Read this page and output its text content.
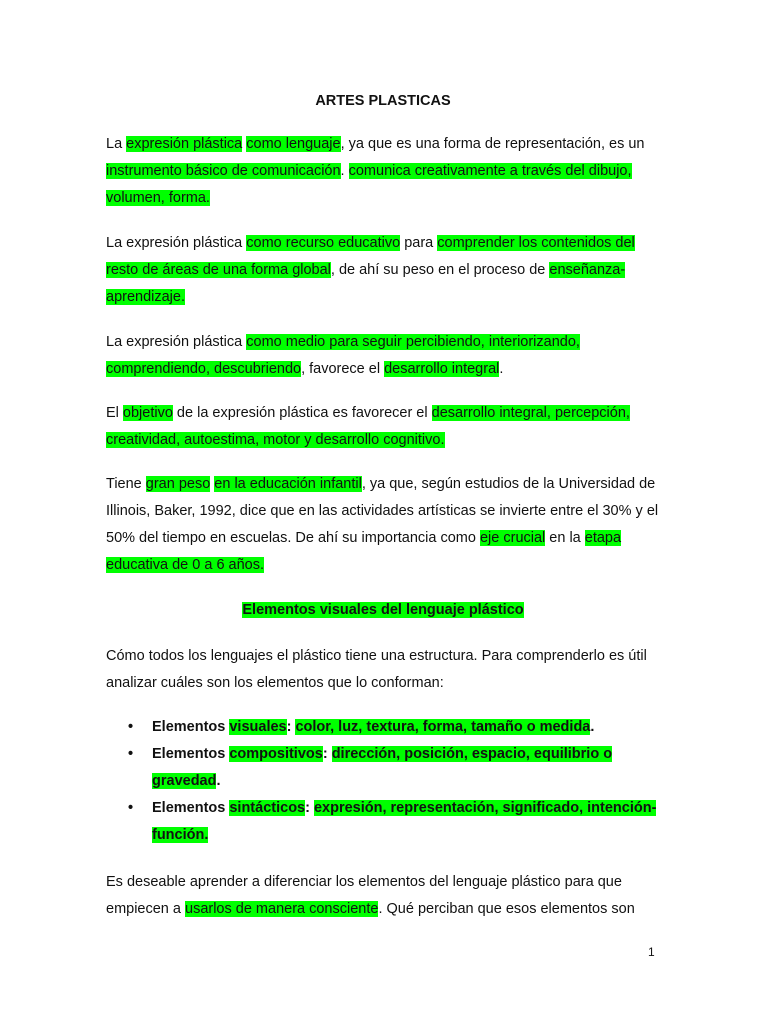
ARTES PLASTICAS

La expresión plástica como lenguaje, ya que es una forma de representación, es un instrumento básico de comunicación. comunica creativamente a través del dibujo, volumen, forma.

La expresión plástica como recurso educativo para comprender los contenidos del resto de áreas de una forma global, de ahí su peso en el proceso de enseñanza-aprendizaje.

La expresión plástica como medio para seguir percibiendo, interiorizando, comprendiendo, descubriendo, favorece el desarrollo integral.

El objetivo de la expresión plástica es favorecer el desarrollo integral, percepción, creatividad, autoestima, motor y desarrollo cognitivo.

Tiene gran peso en la educación infantil, ya que, según estudios de la Universidad de Illinois, Baker, 1992, dice que en las actividades artísticas se invierte entre el 30% y el 50% del tiempo en escuelas. De ahí su importancia como eje crucial en la etapa educativa de 0 a 6 años.

Elementos visuales del lenguaje plástico

Cómo todos los lenguajes el plástico tiene una estructura. Para comprenderlo es útil analizar cuáles son los elementos que lo conforman:

• Elementos visuales: color, luz, textura, forma, tamaño o medida.
• Elementos compositivos: dirección, posición, espacio, equilibrio o gravedad.
• Elementos sintácticos: expresión, representación, significado, intención-función.

Es deseable aprender a diferenciar los elementos del lenguaje plástico para que empiecen a usarlos de manera consciente. Qué perciban que esos elementos son

1
